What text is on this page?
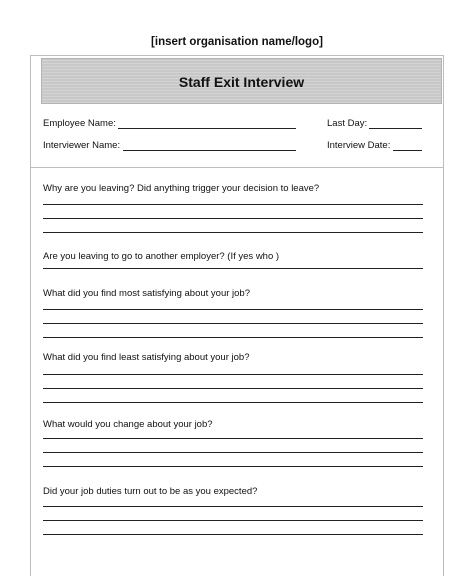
[insert organisation name/logo]
Staff Exit Interview
Employee Name:	Last Day:
Interviewer Name:	Interview Date:
Why are you leaving? Did anything trigger your decision to leave?
Are you leaving to go to another employer? (If yes who )
What did you find most satisfying about your job?
What did you find least satisfying about your job?
What would you change about your job?
Did your job duties turn out to be as you expected?
